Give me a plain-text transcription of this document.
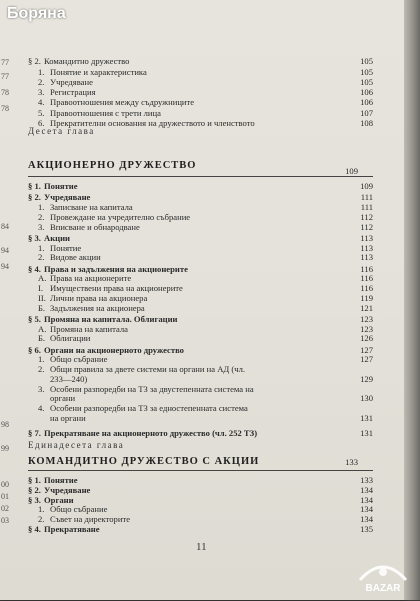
§ 2. Командитно дружество	105
1. Понятие и характеристика	105
2. Учредяване	105
3. Регистрация	106
4. Правоотношения между съдружниците	106
5. Правоотношения с трети лица	107
6. Прекратителни основания на дружеството и членството	108
Десета глава
АКЦИОНЕРНО ДРУЖЕСТВО	109
§ 1. Понятие	109
§ 2. Учредяване	111
1. Записване на капитала	111
2. Провеждане на учредително събрание	112
3. Вписване и обнародване	112
§ 3. Акции	113
1. Понятие	113
2. Видове акции	113
§ 4. Права и задължения на акционерите	116
А. Права на акционерите	116
I. Имуществени права на акционерите	116
II. Лични права на акционера	119
Б. Задължения на акционера	121
§ 5. Промяна на капитала. Облигации	123
А. Промяна на капитала	123
Б. Облигации	126
§ 6. Органи на акционерното дружество	127
1. Общо събрание	127
2. Общи правила за двете системи на органи на АД (чл.
233—240)	129
3. Особени разпоредби на ТЗ за двустепенната система на
органи	130
4. Особени разпоредби на ТЗ за едностепенната система
на органи	131
§ 7. Прекратяване на акционерното дружество (чл. 252 ТЗ)	131
Единадесета глава
КОМАНДИТНО ДРУЖЕСТВО С АКЦИИ	133
§ 1. Понятие	133
§ 2. Учредяване	134
§ 3. Органи	134
1. Общо събрание	134
2. Съвет на директорите	134
§ 4. Прекратяване	135
77
77
78
78
84
94
94
98
99
00
01
02
03
11
Боряна
BAZAR
